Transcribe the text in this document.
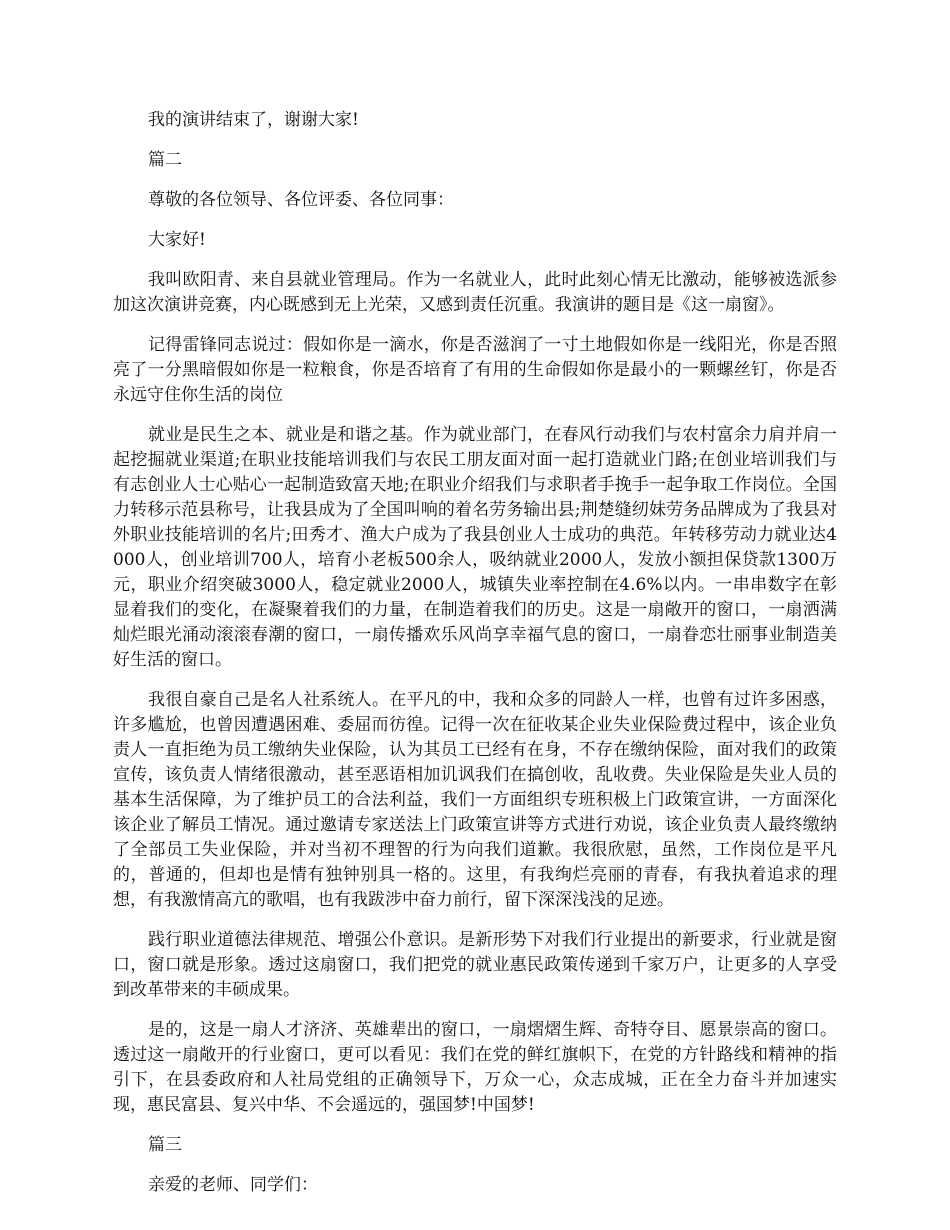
我的演讲结束了，谢谢大家!

篇二

尊敬的各位领导、各位评委、各位同事：

大家好!

我叫欧阳青、来自县就业管理局。作为一名就业人，此时此刻心情无比激动，能够被选派参加这次演讲竞赛，内心既感到无上光荣，又感到责任沉重。我演讲的题目是《这一扇窗》。

记得雷锋同志说过：假如你是一滴水，你是否滋润了一寸土地假如你是一线阳光，你是否照亮了一分黑暗假如你是一粒粮食，你是否培育了有用的生命假如你是最小的一颗螺丝钉，你是否永远守住你生活的岗位

就业是民生之本、就业是和谐之基。作为就业部门，在春风行动我们与农村富余力肩并肩一起挖掘就业渠道;在职业技能培训我们与农民工朋友面对面一起打造就业门路;在创业培训我们与有志创业人士心贴心一起制造致富天地;在职业介绍我们与求职者手挽手一起争取工作岗位。全国力转移示范县称号，让我县成为了全国叫响的着名劳务输出县;荆楚缝纫妹劳务品牌成为了我县对外职业技能培训的名片;田秀才、渔大户成为了我县创业人士成功的典范。年转移劳动力就业达4000人，创业培训700人，培育小老板500余人，吸纳就业2000人，发放小额担保贷款1300万元，职业介绍突破3000人，稳定就业2000人，城镇失业率控制在4.6%以内。一串串数字在彰显着我们的变化，在凝聚着我们的力量，在制造着我们的历史。这是一扇敞开的窗口，一扇洒满灿烂眼光涌动滚滚春潮的窗口，一扇传播欢乐风尚享幸福气息的窗口，一扇眷恋壮丽事业制造美好生活的窗口。

我很自豪自己是名人社系统人。在平凡的中，我和众多的同龄人一样，也曾有过许多困惑，许多尴尬，也曾因遭遇困难、委屈而彷徨。记得一次在征收某企业失业保险费过程中，该企业负责人一直拒绝为员工缴纳失业保险，认为其员工已经有在身，不存在缴纳保险，面对我们的政策宣传，该负责人情绪很激动，甚至恶语相加讥讽我们在搞创收，乱收费。失业保险是失业人员的基本生活保障，为了维护员工的合法利益，我们一方面组织专班积极上门政策宣讲，一方面深化该企业了解员工情况。通过邀请专家送法上门政策宣讲等方式进行劝说，该企业负责人最终缴纳了全部员工失业保险，并对当初不理智的行为向我们道歉。我很欣慰，虽然，工作岗位是平凡的，普通的，但却也是情有独钟别具一格的。这里，有我绚烂亮丽的青春，有我执着追求的理想，有我激情高亢的歌唱，也有我跋涉中奋力前行，留下深深浅浅的足迹。

践行职业道德法律规范、增强公仆意识。是新形势下对我们行业提出的新要求，行业就是窗口，窗口就是形象。透过这扇窗口，我们把党的就业惠民政策传递到千家万户，让更多的人享受到改革带来的丰硕成果。

是的，这是一扇人才济济、英雄辈出的窗口，一扇熠熠生辉、奇特夺目、愿景崇高的窗口。透过这一扇敞开的行业窗口，更可以看见：我们在党的鲜红旗帜下，在党的方针路线和精神的指引下，在县委政府和人社局党组的正确领导下，万众一心，众志成城，正在全力奋斗并加速实现，惠民富县、复兴中华、不会遥远的，强国梦!中国梦!

篇三

亲爱的老师、同学们：
